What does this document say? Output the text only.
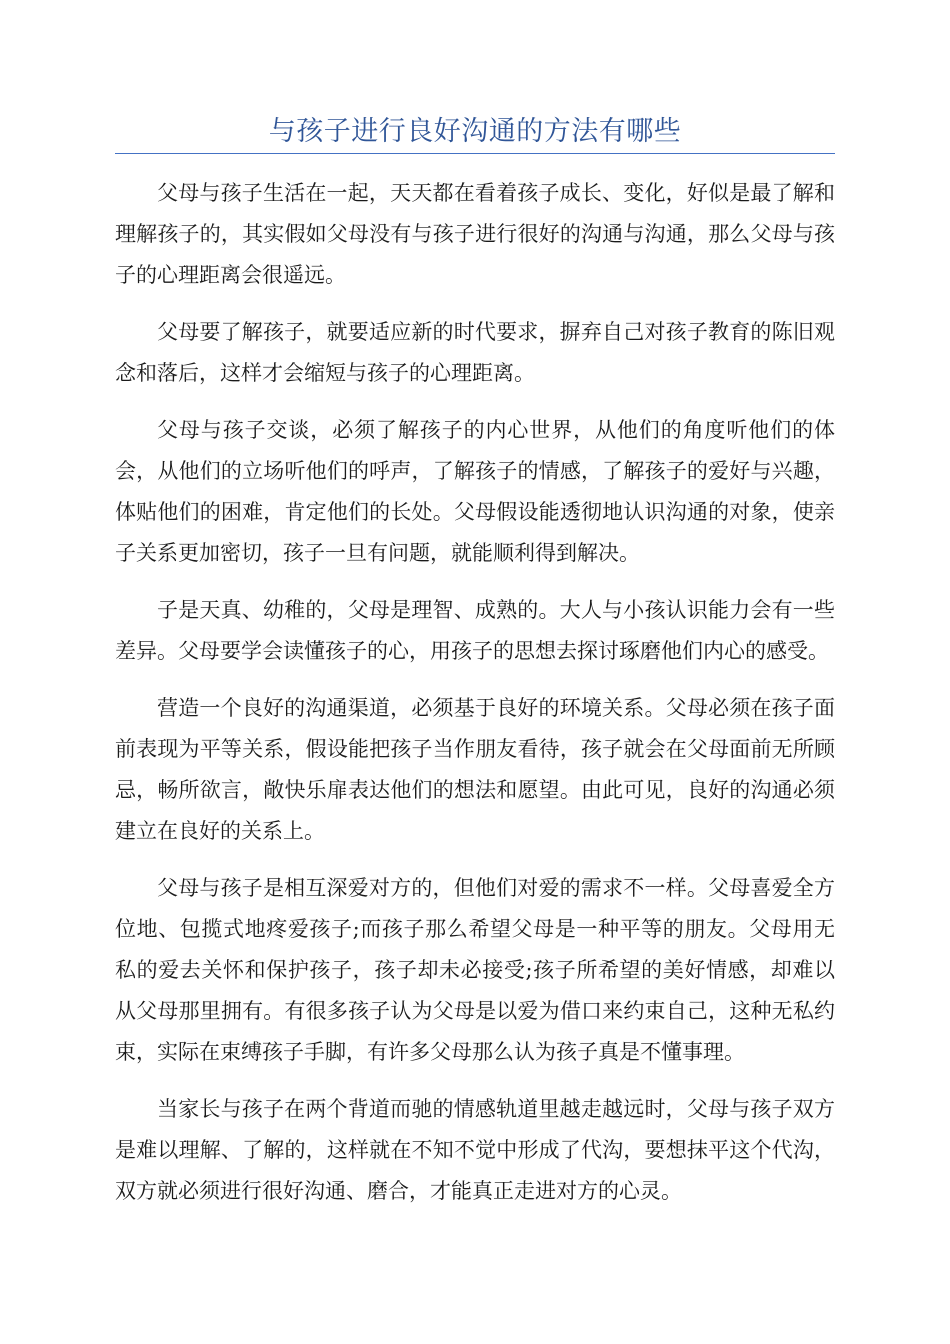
与孩子进行良好沟通的方法有哪些

父母与孩子生活在一起，天天都在看着孩子成长、变化，好似是最了解和理解孩子的，其实假如父母没有与孩子进行很好的沟通与沟通，那么父母与孩子的心理距离会很遥远。

父母要了解孩子，就要适应新的时代要求，摒弃自己对孩子教育的陈旧观念和落后，这样才会缩短与孩子的心理距离。

父母与孩子交谈，必须了解孩子的内心世界，从他们的角度听他们的体会，从他们的立场听他们的呼声，了解孩子的情感，了解孩子的爱好与兴趣，体贴他们的困难，肯定他们的长处。父母假设能透彻地认识沟通的对象，使亲子关系更加密切，孩子一旦有问题，就能顺利得到解决。

子是天真、幼稚的，父母是理智、成熟的。大人与小孩认识能力会有一些差异。父母要学会读懂孩子的心，用孩子的思想去探讨琢磨他们内心的感受。

营造一个良好的沟通渠道，必须基于良好的环境关系。父母必须在孩子面前表现为平等关系，假设能把孩子当作朋友看待，孩子就会在父母面前无所顾忌，畅所欲言，敞快乐扉表达他们的想法和愿望。由此可见，良好的沟通必须建立在良好的关系上。

父母与孩子是相互深爱对方的，但他们对爱的需求不一样。父母喜爱全方位地、包揽式地疼爱孩子;而孩子那么希望父母是一种平等的朋友。父母用无私的爱去关怀和保护孩子，孩子却未必接受;孩子所希望的美好情感，却难以从父母那里拥有。有很多孩子认为父母是以爱为借口来约束自己，这种无私约束，实际在束缚孩子手脚，有许多父母那么认为孩子真是不懂事理。

当家长与孩子在两个背道而驰的情感轨道里越走越远时，父母与孩子双方是难以理解、了解的，这样就在不知不觉中形成了代沟，要想抹平这个代沟，双方就必须进行很好沟通、磨合，才能真正走进对方的心灵。
